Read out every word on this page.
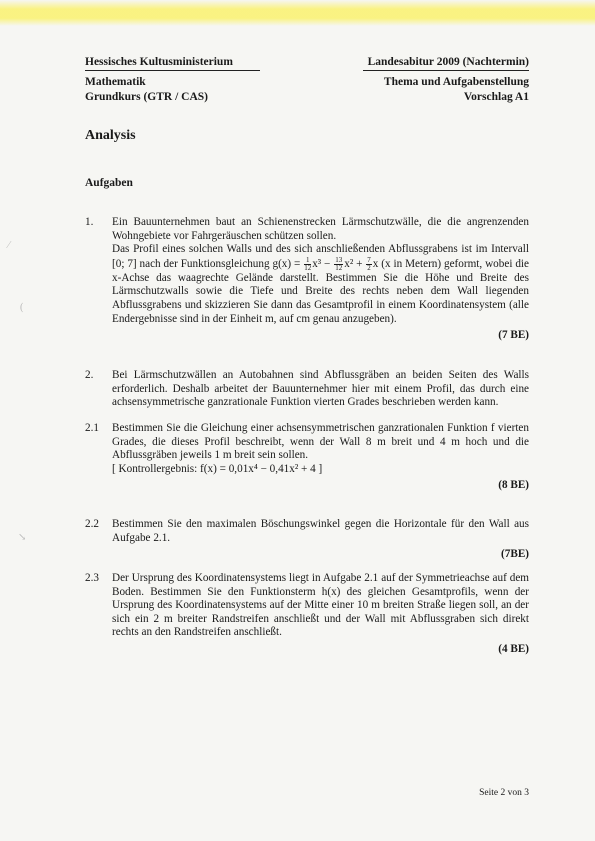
Hessisches Kultusministerium	Landesabitur 2009 (Nachtermin)
Mathematik
Grundkurs (GTR / CAS)
Thema und Aufgabenstellung
Vorschlag A1
Analysis
Aufgaben
1. Ein Bauunternehmen baut an Schienenstrecken Lärmschutzwälle, die die angrenzenden Wohngebiete vor Fahrgeräuschen schützen sollen.

Das Profil eines solchen Walls und des sich anschließenden Abflussgrabens ist im Intervall [0; 7] nach der Funktionsgleichung $g(x) = \frac{1}{12} x^3 - \frac{13}{12} x^2 + \frac{7}{2}$ x (x in Metern) geformt, wobei die x-Achse das waagrechte Gelände darstellt. Bestimmen Sie die Höhe und Breite des Lärmschutzwalls sowie die Tiefe und Breite des rechts neben dem Wall liegenden Abflussgrabens und skizzieren Sie dann das Gesamtprofil in einem Koordinatensystem (alle Endergebnisse sind in der Einheit m, auf cm genau anzugeben).

(7 BE)
2. Bei Lärmschutzwällen an Autobahnen sind Abflussgräben an beiden Seiten des Walls erforderlich. Deshalb arbeitet der Bauunternehmer hier mit einem Profil, das durch eine achsensymmetrische ganzrationale Funktion vierten Grades beschrieben werden kann.

2.1 Bestimmen Sie die Gleichung einer achsensymmetrischen ganzrationalen Funktion f vierten Grades, die dieses Profil beschreibt, wenn der Wall 8 m breit und 4 m hoch und die Abflussgräben jeweils 1 m breit sein sollen.

[ Kontrollergebnis: f(x) = 0,01x⁴ − 0,41x² + 4 ]

(8 BE)
2.2 Bestimmen Sie den maximalen Böschungswinkel gegen die Horizontale für den Wall aus Aufgabe 2.1.

(7BE)
2.3 Der Ursprung des Koordinatensystems liegt in Aufgabe 2.1 auf der Symmetrieachse auf dem Boden. Bestimmen Sie den Funktionsterm h(x) des gleichen Gesamtprofils, wenn der Ursprung des Koordinatensystems auf der Mitte einer 10 m breiten Straße liegen soll, an der sich ein 2 m breiter Randstreifen anschließt und der Wall mit Abflussgraben sich direkt rechts an den Randstreifen anschließt.

(4 BE)
Seite 2 von 3
⁄
(
↘
